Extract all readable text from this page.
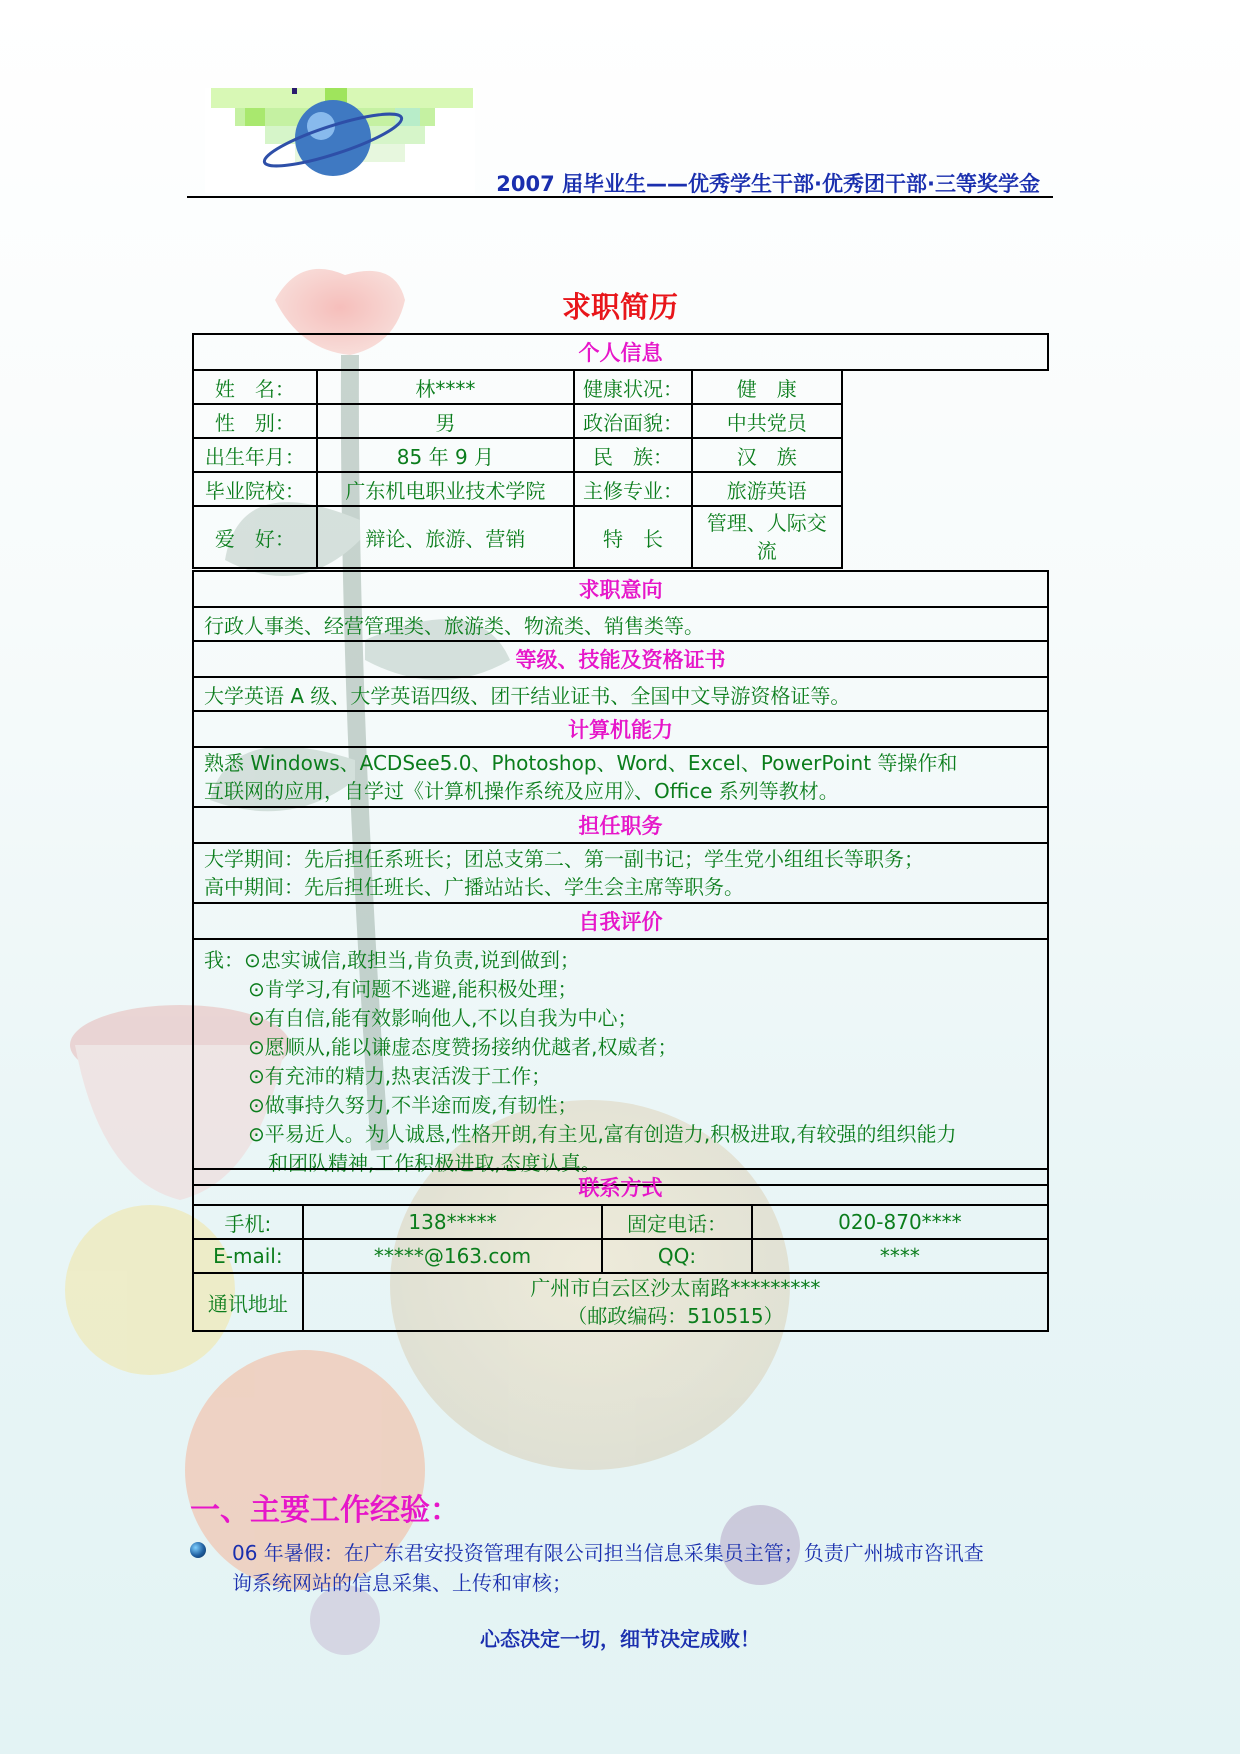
2007 届毕业生——优秀学生干部·优秀团干部·三等奖学金
求职简历
个人信息				
姓　名：	林****	健康状况：	健　康	
性　别：	男	政治面貌：	中共党员	
出生年月：	85 年 9 月	民　族：	汉　族	
毕业院校：	广东机电职业技术学院	主修专业：	旅游英语	
爱　好：	辩论、旅游、营销	特　长	管理、人际交流	
求职意向
行政人事类、经营管理类、旅游类、物流类、销售类等。
等级、技能及资格证书
大学英语 A 级、大学英语四级、团干结业证书、全国中文导游资格证等。
计算机能力

熟悉 Windows、ACDSee5.0、Photoshop、Word、Excel、PowerPoint 等操作和
互联网的应用，自学过《计算机操作系统及应用》、Office 系列等教材。

担任职务

大学期间：先后担任系班长；团总支第二、第一副书记；学生党小组组长等职务；
高中期间：先后担任班长、广播站站长、学生会主席等职务。

自我评价

我：⊙忠实诚信,敢担当,肯负责,说到做到；
⊙肯学习,有问题不逃避,能积极处理；
⊙有自信,能有效影响他人,不以自我为中心；
⊙愿顺从,能以谦虚态度赞扬接纳优越者,权威者；
⊙有充沛的精力,热衷活泼于工作；
⊙做事持久努力,不半途而废,有韧性；
⊙平易近人。为人诚恳,性格开朗,有主见,富有创造力,积极进取,有较强的组织能力
和团队精神,工作积极进取,态度认真。
联系方式			
手机:	138*****	固定电话：	020-870****
E-mail:	*****@163.com	QQ:	****
通讯地址	广州市白云区沙太南路*********
（邮政编码：510515）		
一、主要工作经验：
06 年暑假：在广东君安投资管理有限公司担当信息采集员主管；负责广州城市咨讯查
询系统网站的信息采集、上传和审核；
心态决定一切，细节决定成败！
